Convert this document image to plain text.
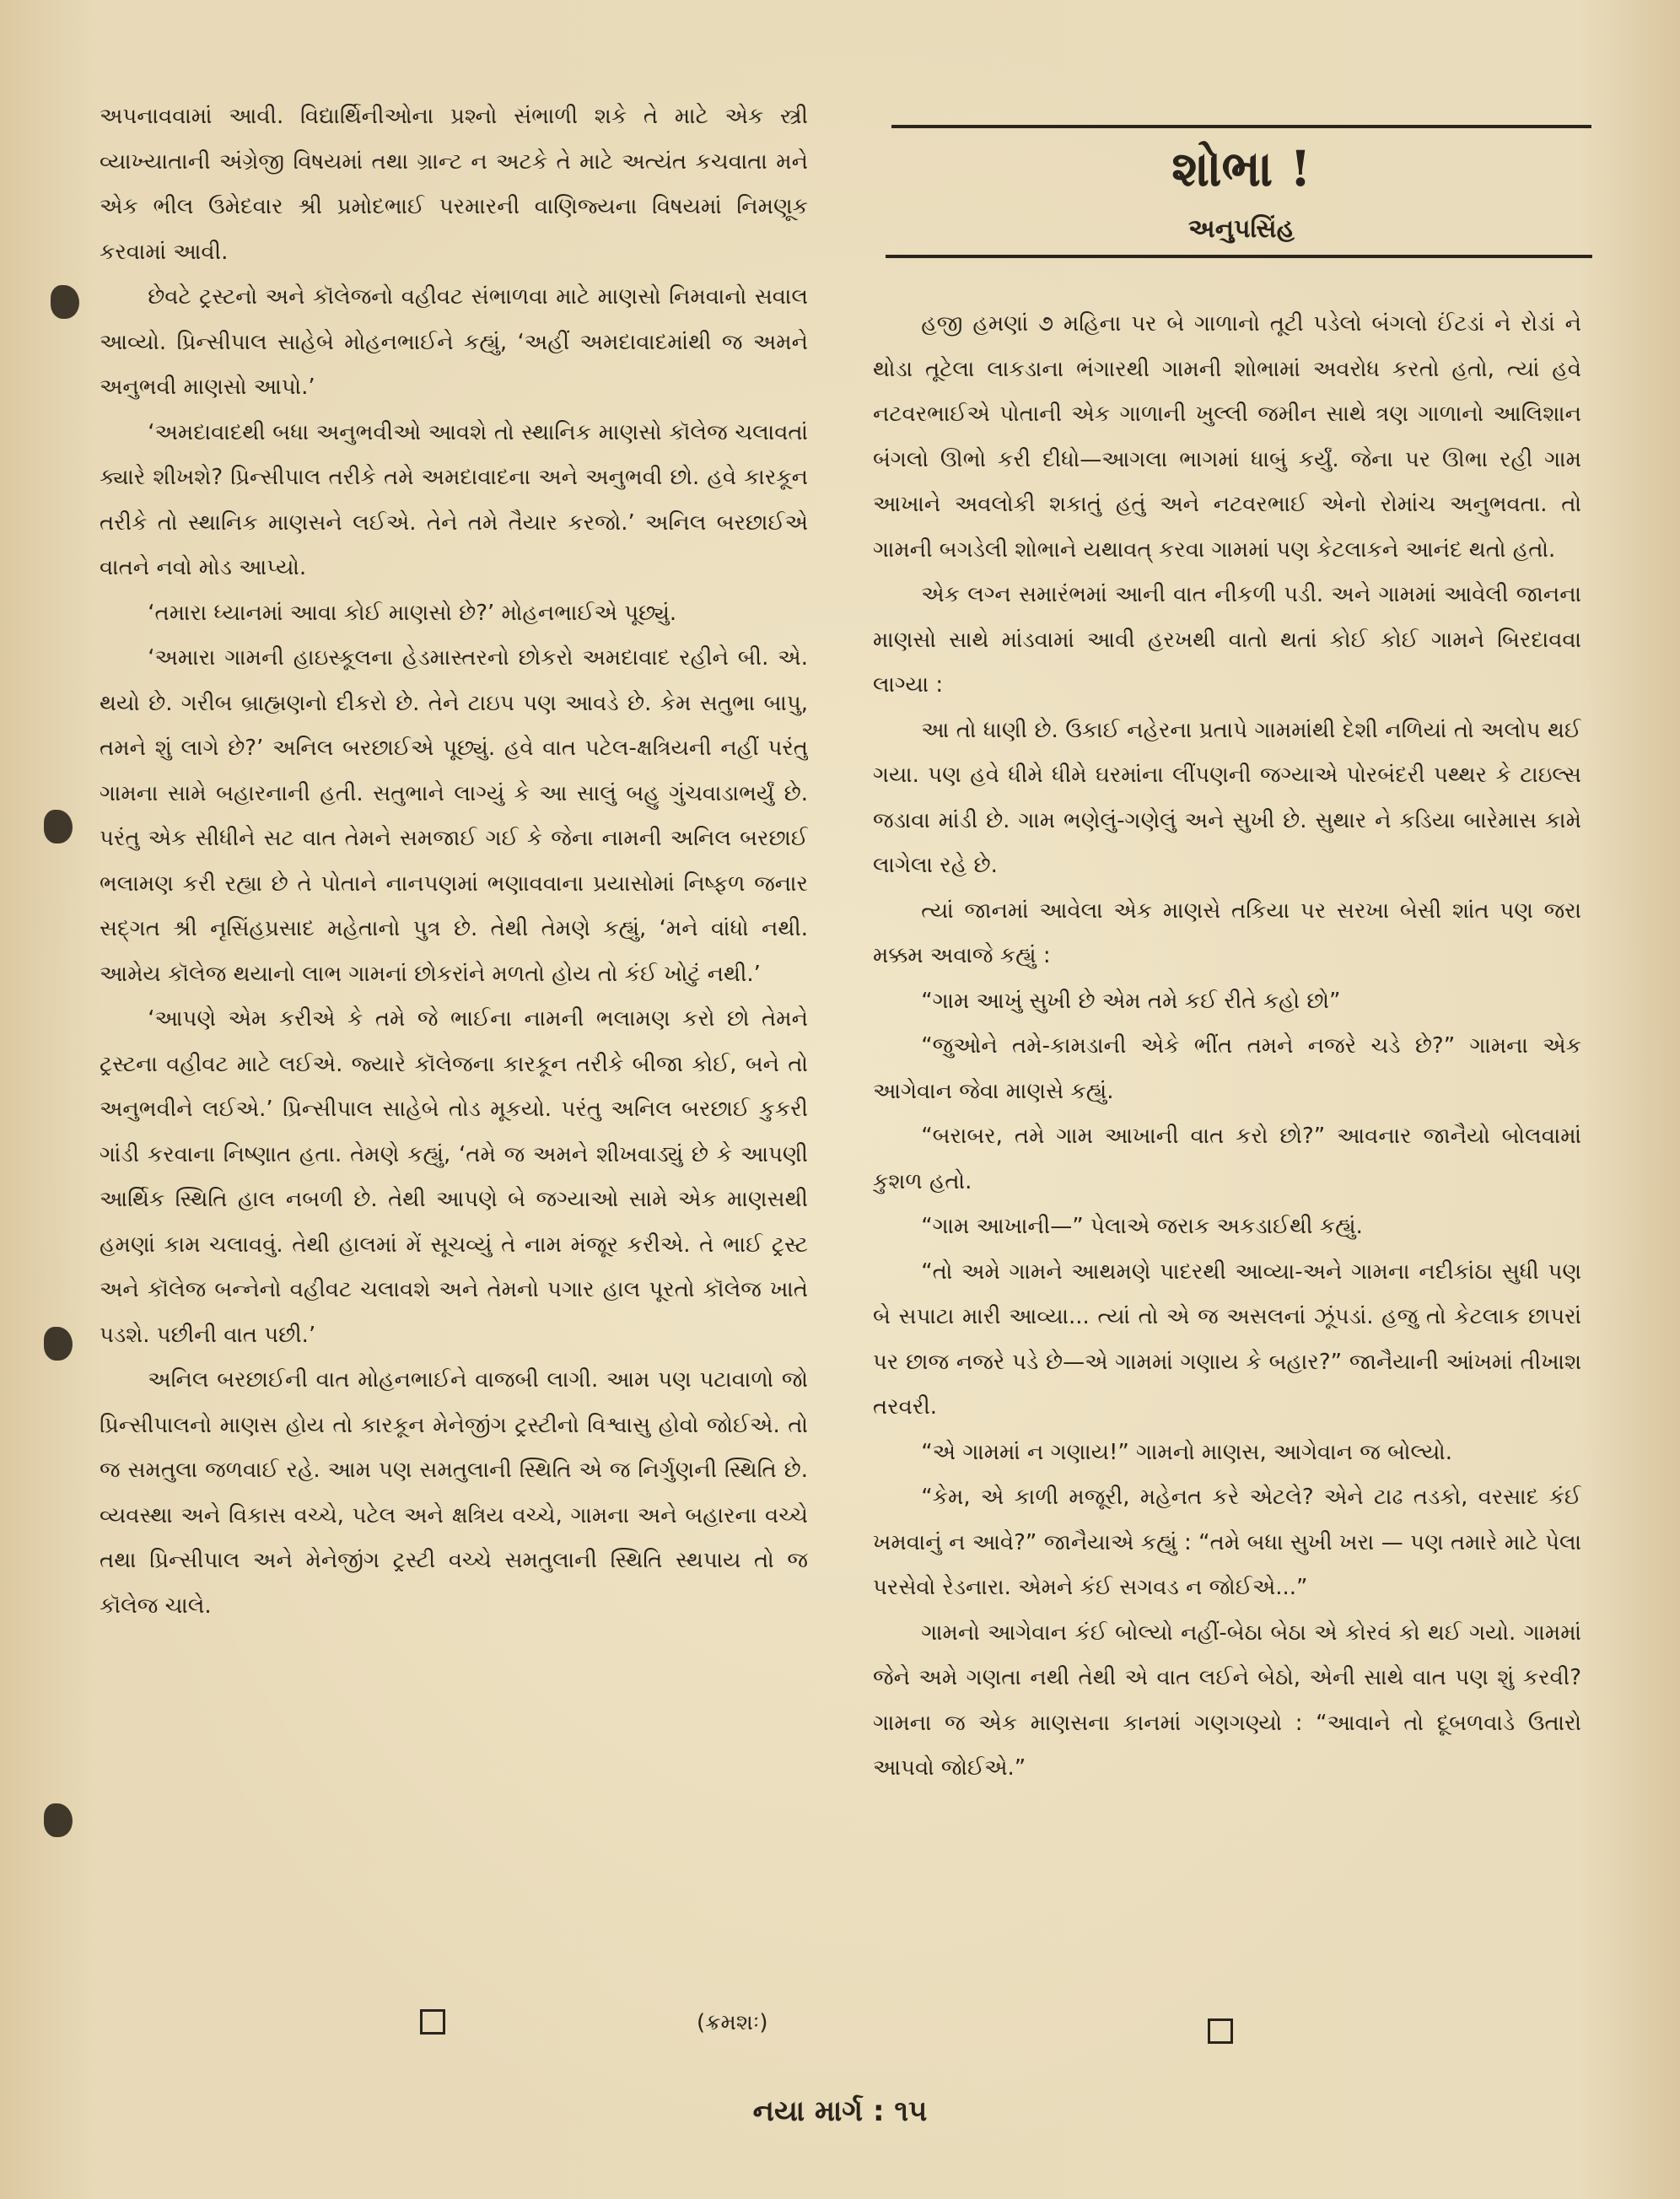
અપનાવવામાં આવી. વિદ્યાર્થિનીઓના પ્રશ્નો સંભાળી શકે તે માટે એક સ્ત્રી વ્યાખ્યાતાની અંગ્રેજી વિષયમાં તથા ગ્રાન્ટ ન અટકે તે માટે અત્યંત કચવાતા મને એક ભીલ ઉમેદવાર શ્રી પ્રમોદભાઈ પરમારની વાણિજ્યના વિષયમાં નિમણૂક કરવામાં આવી.

છેવટે ટ્રસ્ટનો અને કૉલેજનો વહીવટ સંભાળવા માટે માણસો નિમવાનો સવાલ આવ્યો. પ્રિન્સીપાલ સાહેબે મોહનભાઈને કહ્યું, ‘અહીં અમદાવાદમાંથી જ અમને અનુભવી માણસો આપો.’

‘અમદાવાદથી બધા અનુભવીઓ આવશે તો સ્થાનિક માણસો કૉલેજ ચલાવતાં ક્યારે શીખશે? પ્રિન્સીપાલ તરીકે તમે અમદાવાદના અને અનુભવી છો. હવે કારકૂન તરીકે તો સ્થાનિક માણસને લઈએ. તેને તમે તૈયાર કરજો.’ અનિલ બરછાઈએ વાતને નવો મોડ આપ્યો.

‘તમારા ધ્યાનમાં આવા કોઈ માણસો છે?’ મોહનભાઈએ પૂછ્યું.

‘અમારા ગામની હાઇસ્કૂલના હેડમાસ્તરનો છોકરો અમદાવાદ રહીને બી. એ. થયો છે. ગરીબ બ્રાહ્મણનો દીકરો છે. તેને ટાઇપ પણ આવડે છે. કેમ સતુભા બાપુ, તમને શું લાગે છે?’ અનિલ બરછાઈએ પૂછ્યું. હવે વાત પટેલ-ક્ષત્રિયની નહીં પરંતુ ગામના સામે બહારનાની હતી. સતુભાને લાગ્યું કે આ સાલું બહુ ગુંચવાડાભર્યું છે. પરંતુ એક સીધીને સટ વાત તેમને સમજાઈ ગઈ કે જેના નામની અનિલ બરછાઈ ભલામણ કરી રહ્યા છે તે પોતાને નાનપણમાં ભણાવવાના પ્રયાસોમાં નિષ્ફળ જનાર સદ્ગત શ્રી નૃસિંહપ્રસાદ મહેતાનો પુત્ર છે. તેથી તેમણે કહ્યું, ‘મને વાંધો નથી. આમેય કૉલેજ થયાનો લાભ ગામનાં છોકરાંને મળતો હોય તો કંઈ ખોટું નથી.’

‘આપણે એમ કરીએ કે તમે જે ભાઈના નામની ભલામણ કરો છો તેમને ટ્રસ્ટના વહીવટ માટે લઈએ. જ્યારે કૉલેજના કારકૂન તરીકે બીજા કોઈ, બને તો અનુભવીને લઈએ.’ પ્રિન્સીપાલ સાહેબે તોડ મૂકયો. પરંતુ અનિલ બરછાઈ કુકરી ગાંડી કરવાના નિષ્ણાત હતા. તેમણે કહ્યું, ‘તમે જ અમને શીખવાડ્યું છે કે આપણી આર્થિક સ્થિતિ હાલ નબળી છે. તેથી આપણે બે જગ્યાઓ સામે એક માણસથી હમણાં કામ ચલાવવું. તેથી હાલમાં મેં સૂચવ્યું તે નામ મંજૂર કરીએ. તે ભાઈ ટ્રસ્ટ અને કૉલેજ બન્નેનો વહીવટ ચલાવશે અને તેમનો પગાર હાલ પૂરતો કૉલેજ ખાતે પડશે. પછીની વાત પછી.’

અનિલ બરછાઈની વાત મોહનભાઈને વાજબી લાગી. આમ પણ પટાવાળો જો પ્રિન્સીપાલનો માણસ હોય તો કારકૂન મેનેજીંગ ટ્રસ્ટીનો વિશ્વાસુ હોવો જોઈએ. તો જ સમતુલા જળવાઈ રહે. આમ પણ સમતુલાની સ્થિતિ એ જ નિર્ગુણની સ્થિતિ છે. વ્યવસ્થા અને વિકાસ વચ્ચે, પટેલ અને ક્ષત્રિય વચ્ચે, ગામના અને બહારના વચ્ચે તથા પ્રિન્સીપાલ અને મેનેજીંગ ટ્રસ્ટી વચ્ચે સમતુલાની સ્થિતિ સ્થપાય તો જ કૉલેજ ચાલે.

(ક્રમશઃ)
શોભા !
અનુપસિંહ

હજી હમણાં ૭ મહિના પર બે ગાળાનો તૂટી પડેલો બંગલો ઈંટડાં ને રોડાં ને થોડા તૂટેલા લાકડાના ભંગારથી ગામની શોભામાં અવરોધ કરતો હતો, ત્યાં હવે નટવરભાઈએ પોતાની એક ગાળાની ખુલ્લી જમીન સાથે ત્રણ ગાળાનો આલિશાન બંગલો ઊભો કરી દીધો—આગલા ભાગમાં ધાબું કર્યું. જેના પર ઊભા રહી ગામ આખાને અવલોકી શકાતું હતું અને નટવરભાઈ એનો રોમાંચ અનુભવતા. તો ગામની બગડેલી શોભાને યથાવત્ કરવા ગામમાં પણ કેટલાકને આનંદ થતો હતો.

એક લગ્ન સમારંભમાં આની વાત નીકળી પડી. અને ગામમાં આવેલી જાનના માણસો સાથે માંડવામાં આવી હરખથી વાતો થતાં કોઈ કોઈ ગામને બિરદાવવા લાગ્યા :

આ તો ધાણી છે. ઉકાઈ નહેરના પ્રતાપે ગામમાંથી દેશી નળિયાં તો અલોપ થઈ ગયા. પણ હવે ધીમે ધીમે ઘરમાંના લીંપણની જગ્યાએ પોરબંદરી પથ્થર કે ટાઇલ્સ જડાવા માંડી છે. ગામ ભણેલું-ગણેલું અને સુખી છે. સુથાર ને કડિયા બારેમાસ કામે લાગેલા રહે છે.

ત્યાં જાનમાં આવેલા એક માણસે તકિયા પર સરખા બેસી શાંત પણ જરા મક્કમ અવાજે કહ્યું :

“ગામ આખું સુખી છે એમ તમે કઈ રીતે કહો છો”

“જુઓને તમે-કામડાની એકે ભીંત તમને નજરે ચડે છે?” ગામના એક આગેવાન જેવા માણસે કહ્યું.

“બરાબર, તમે ગામ આખાની વાત કરો છો?” આવનાર જાનૈયો બોલવામાં કુશળ હતો.

“ગામ આખાની—” પેલાએ જરાક અકડાઈથી કહ્યું.

“તો અમે ગામને આથમણે પાદરથી આવ્યા-અને ગામના નદીકાંઠા સુધી પણ બે સપાટા મારી આવ્યા... ત્યાં તો એ જ અસલનાં ઝૂંપડાં. હજુ તો કેટલાક છાપરાં પર છાજ નજરે પડે છે—એ ગામમાં ગણાય કે બહાર?” જાનૈયાની આંખમાં તીખાશ તરવરી.

“એ ગામમાં ન ગણાય!” ગામનો માણસ, આગેવાન જ બોલ્યો.

“કેમ, એ કાળી મજૂરી, મહેનત કરે એટલે? એને ટાઢ તડકો, વરસાદ કંઈ ખમવાનું ન આવે?” જાનૈયાએ કહ્યું : “તમે બધા સુખી ખરા — પણ તમારે માટે પેલા પરસેવો રેડનારા. એમને કંઈ સગવડ ન જોઈએ...”

ગામનો આગેવાન કંઈ બોલ્યો નહીં-બેઠા બેઠા એ કોરવં કો થઈ ગયો. ગામમાં જેને અમે ગણતા નથી તેથી એ વાત લઈને બેઠો, એની સાથે વાત પણ શું કરવી? ગામના જ એક માણસના કાનમાં ગણગણ્યો : “આવાને તો દૂબળવાડે ઉતારો આપવો જોઈએ.”

નયા માર્ગ : ૧૫
